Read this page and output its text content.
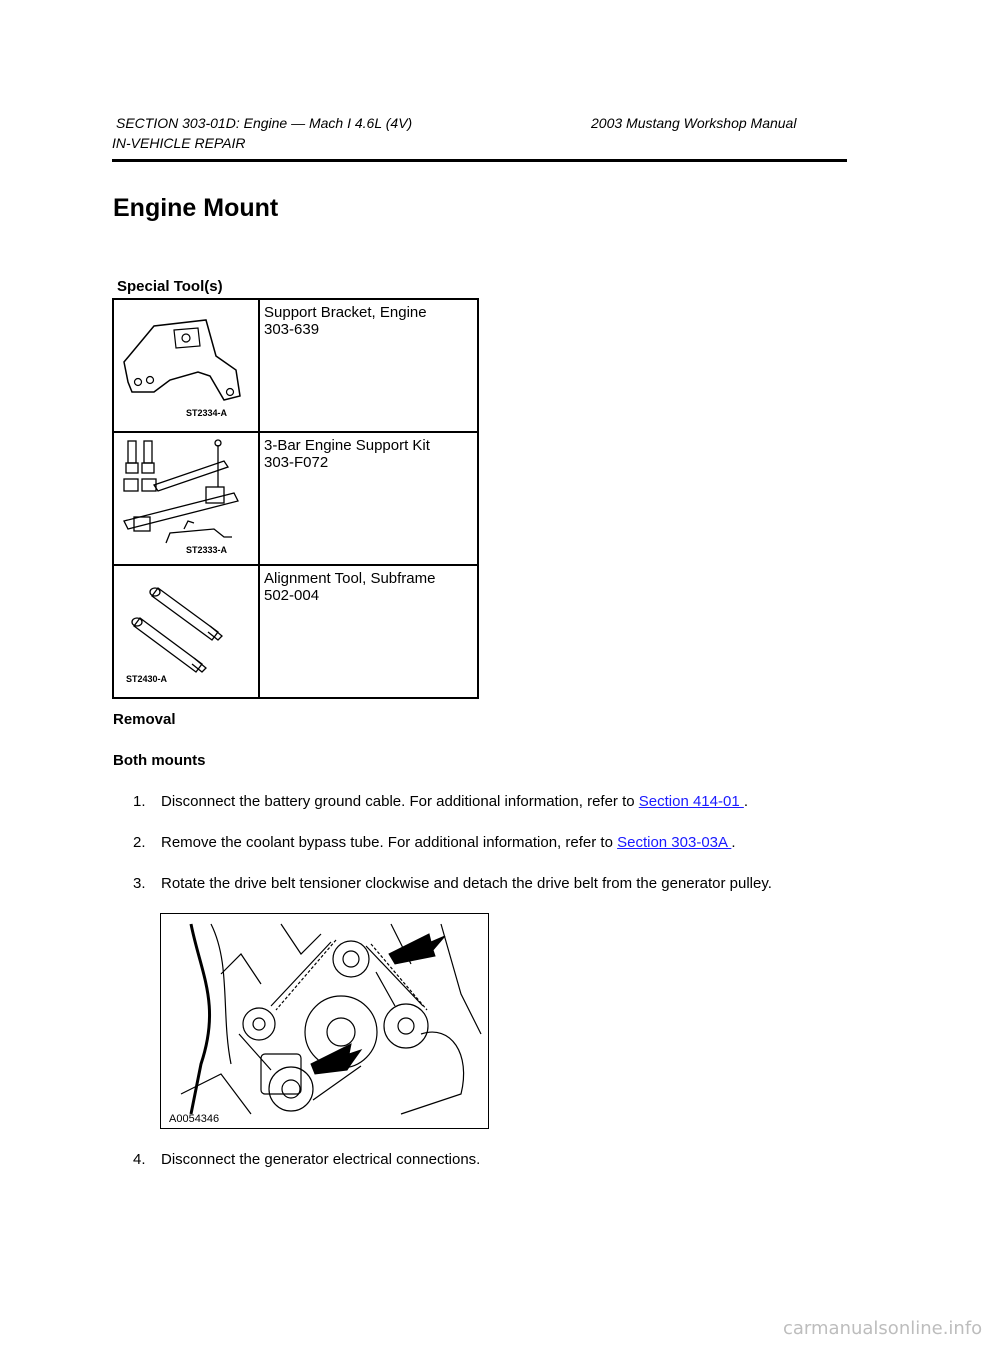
SECTION 303-01D: Engine — Mach I 4.6L (4V)	2003 Mustang Workshop Manual
IN-VEHICLE REPAIR
Engine Mount
Special Tool(s)
ST2334-A	Support Bracket, Engine
303-639

ST2333-A	3-Bar Engine Support Kit
303-F072

ST2430-A	Alignment Tool, Subframe
502-004
Removal
Both mounts
1. Disconnect the battery ground cable. For additional information, refer to Section 414-01 .
2. Remove the coolant bypass tube. For additional information, refer to Section 303-03A .
3. Rotate the drive belt tensioner clockwise and detach the drive belt from the generator pulley.
A0054346
4. Disconnect the generator electrical connections.
carmanualsonline.info
